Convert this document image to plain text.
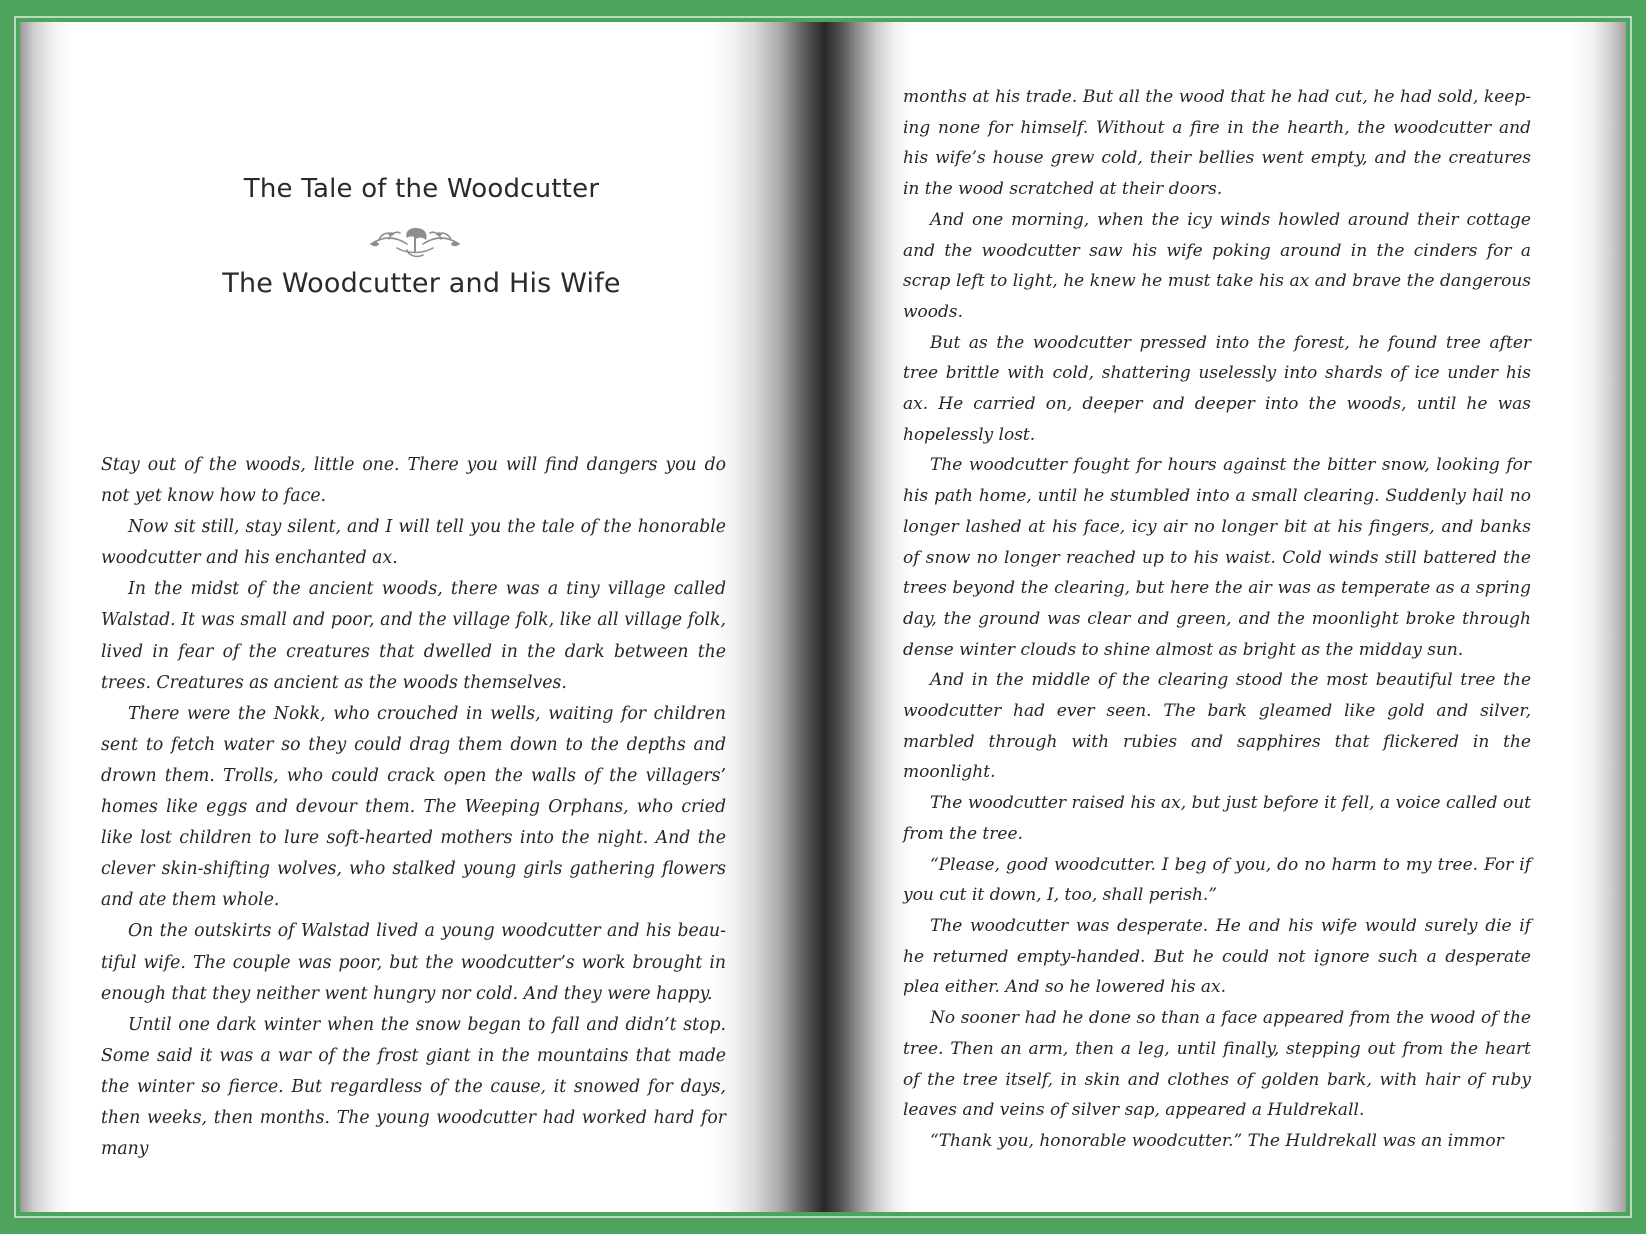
The Tale of the Woodcutter
The Woodcutter and His Wife

Stay out of the woods, little one. There you will find dangers you do not yet know how to face.

Now sit still, stay silent, and I will tell you the tale of the honorable woodcutter and his enchanted ax.

In the midst of the ancient woods, there was a tiny village called Walstad. It was small and poor, and the village folk, like all village folk, lived in fear of the creatures that dwelled in the dark between the trees. Creatures as ancient as the woods themselves.

There were the Nokk, who crouched in wells, waiting for children sent to fetch water so they could drag them down to the depths and drown them. Trolls, who could crack open the walls of the villagers’ homes like eggs and devour them. The Weeping Orphans, who cried like lost children to lure soft-hearted mothers into the night. And the clever skin-shifting wolves, who stalked young girls gathering flowers and ate them whole.

On the outskirts of Walstad lived a young woodcutter and his beautiful wife. The couple was poor, but the woodcutter’s work brought in enough that they neither went hungry nor cold. And they were happy.

Until one dark winter when the snow began to fall and didn’t stop. Some said it was a war of the frost giant in the mountains that made the winter so fierce. But regardless of the cause, it snowed for days, then weeks, then months. The young woodcutter had worked hard for many

months at his trade. But all the wood that he had cut, he had sold, keeping none for himself. Without a fire in the hearth, the woodcutter and his wife’s house grew cold, their bellies went empty, and the creatures in the wood scratched at their doors.

And one morning, when the icy winds howled around their cottage and the woodcutter saw his wife poking around in the cinders for a scrap left to light, he knew he must take his ax and brave the dangerous woods.

But as the woodcutter pressed into the forest, he found tree after tree brittle with cold, shattering uselessly into shards of ice under his ax. He carried on, deeper and deeper into the woods, until he was hopelessly lost.

The woodcutter fought for hours against the bitter snow, looking for his path home, until he stumbled into a small clearing. Suddenly hail no longer lashed at his face, icy air no longer bit at his fingers, and banks of snow no longer reached up to his waist. Cold winds still battered the trees beyond the clearing, but here the air was as temperate as a spring day, the ground was clear and green, and the moonlight broke through dense winter clouds to shine almost as bright as the midday sun.

And in the middle of the clearing stood the most beautiful tree the woodcutter had ever seen. The bark gleamed like gold and silver, marbled through with rubies and sapphires that flickered in the moonlight.

The woodcutter raised his ax, but just before it fell, a voice called out from the tree.

“Please, good woodcutter. I beg of you, do no harm to my tree. For if you cut it down, I, too, shall perish.”

The woodcutter was desperate. He and his wife would surely die if he returned empty-handed. But he could not ignore such a desperate plea either. And so he lowered his ax.

No sooner had he done so than a face appeared from the wood of the tree. Then an arm, then a leg, until finally, stepping out from the heart of the tree itself, in skin and clothes of golden bark, with hair of ruby leaves and veins of silver sap, appeared a Huldrekall.

“Thank you, honorable woodcutter.” The Huldrekall was an immor
